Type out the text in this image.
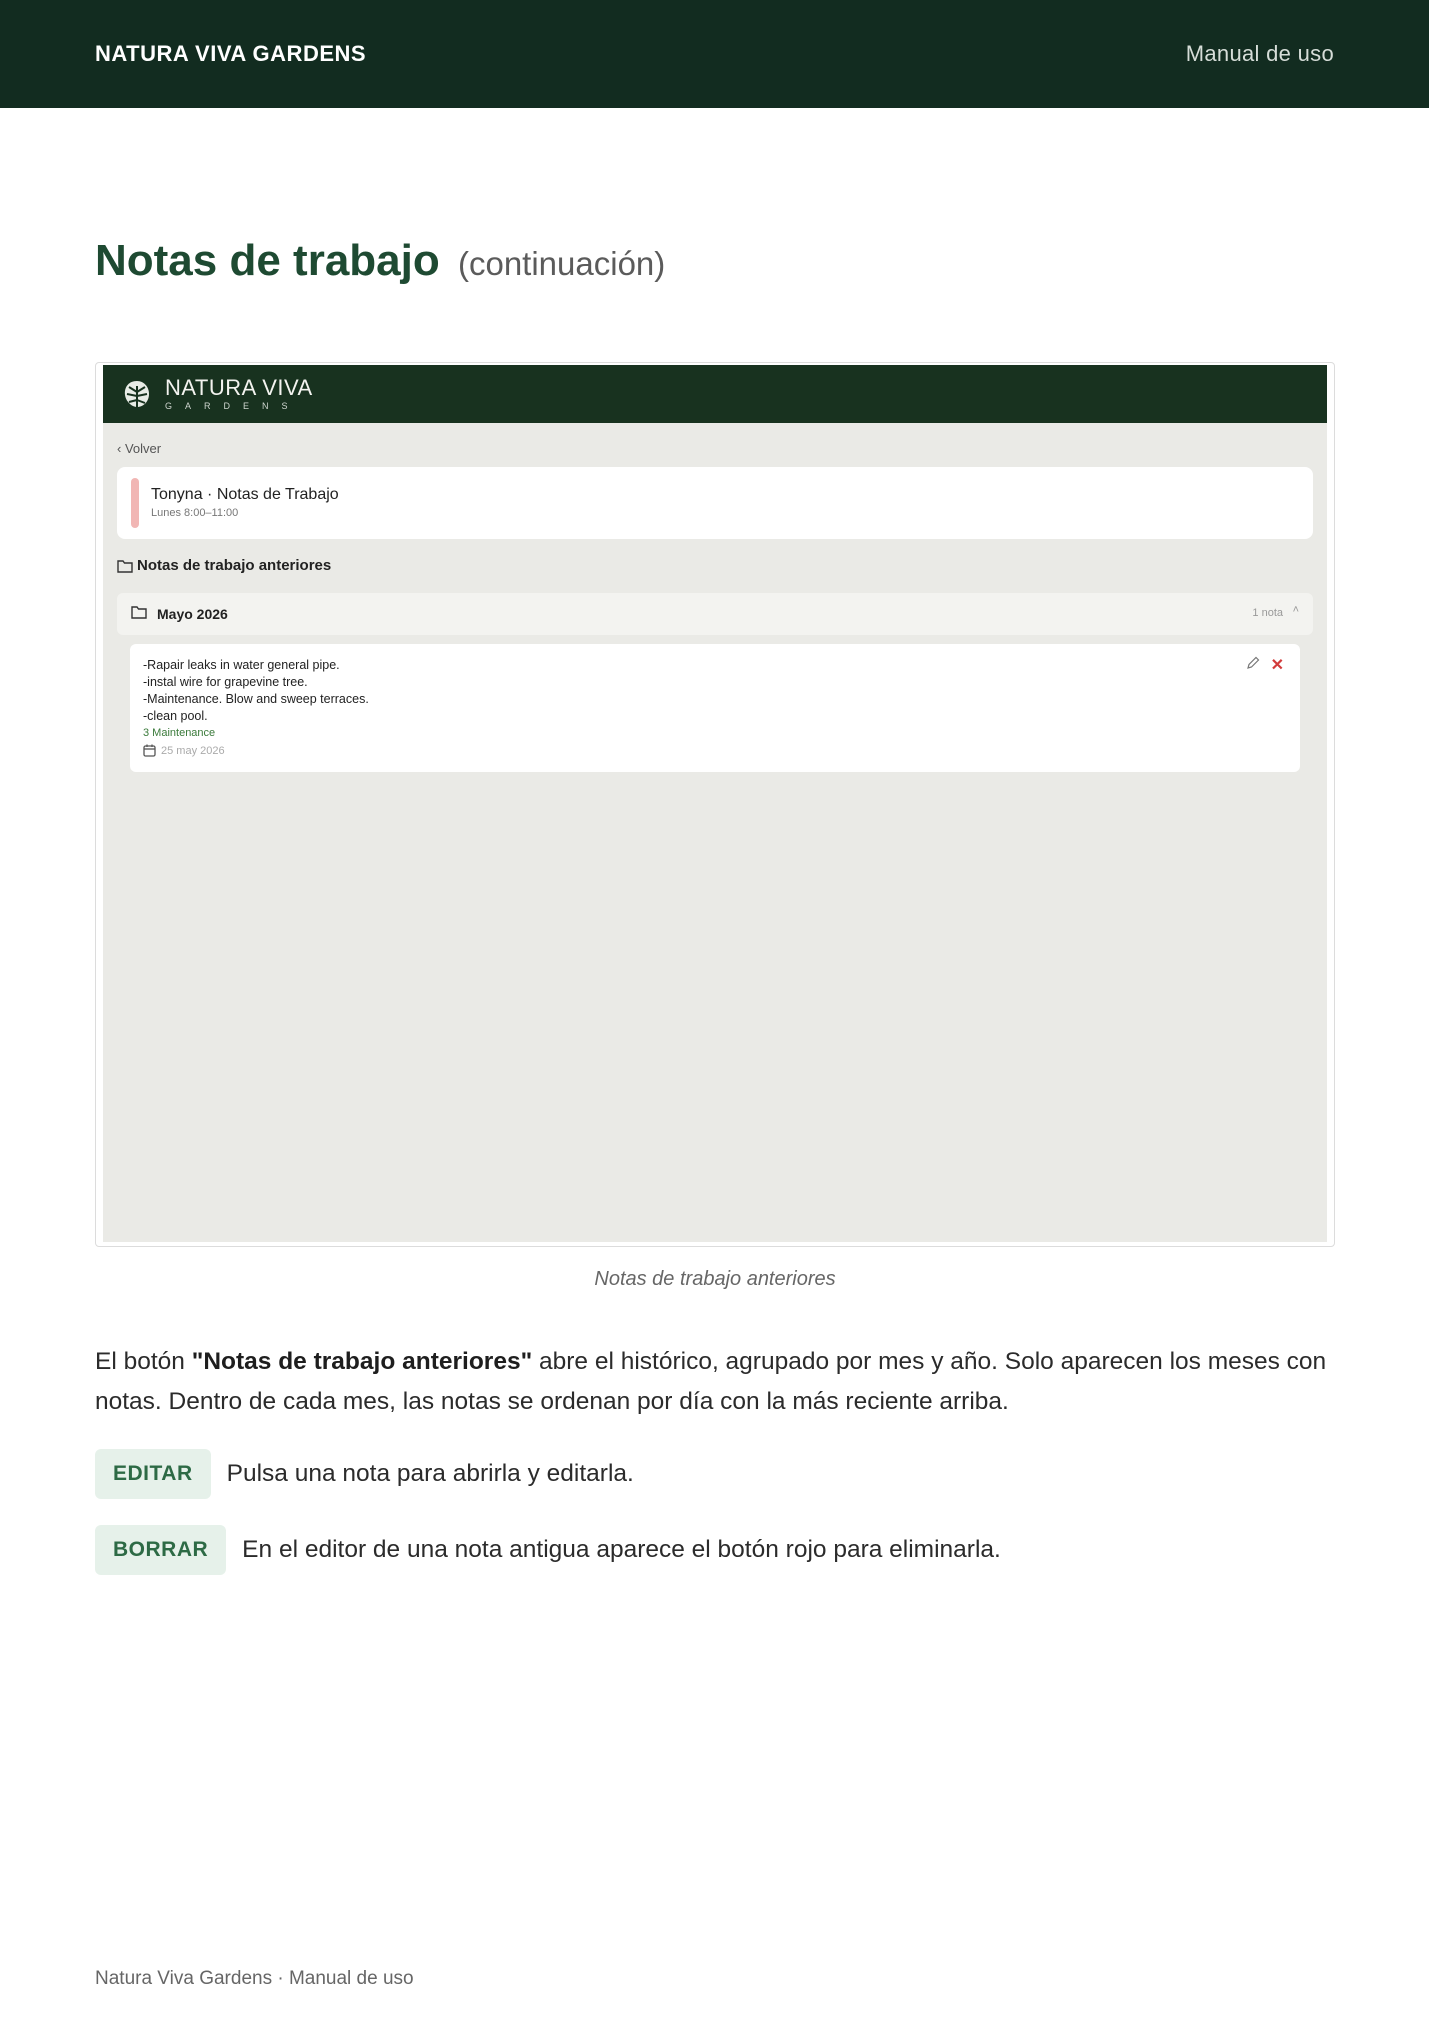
NATURA VIVA GARDENS	Manual de uso
Notas de trabajo (continuación)
NATURA VIVA
GARDENS
‹ Volver
Tonyna · Notas de Trabajo
Lunes 8:00–11:00
Notas de trabajo anteriores
Mayo 2026	1 nota ˄
-Rapair leaks in water general pipe.
-instal wire for grapevine tree.
-Maintenance. Blow and sweep terraces.
-clean pool.
3 Maintenance
25 may 2026
✕
Notas de trabajo anteriores

El botón "Notas de trabajo anteriores" abre el histórico, agrupado por mes y año. Solo aparecen los meses con notas. Dentro de cada mes, las notas se ordenan por día con la más reciente arriba.

EDITAR	Pulsa una nota para abrirla y editarla.
BORRAR	En el editor de una nota antigua aparece el botón rojo para eliminarla.
Natura Viva Gardens · Manual de uso
